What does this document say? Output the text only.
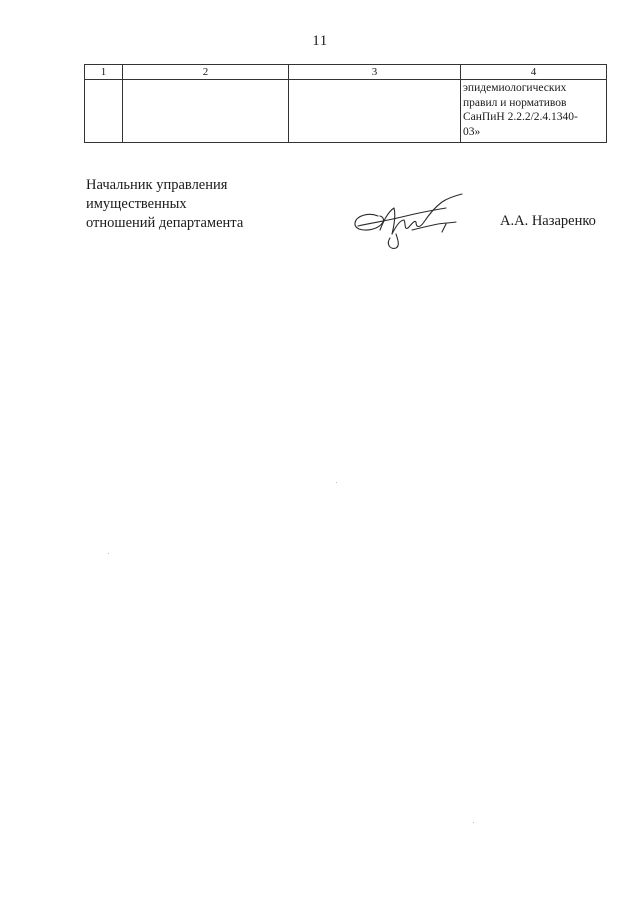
11
1	2	3	4

			эпидемиологических
правил и нормативов
СанПиН 2.2.2/2.4.1340-
03»
Начальник управления
имущественных
отношений департамента	А.А. Назаренко
